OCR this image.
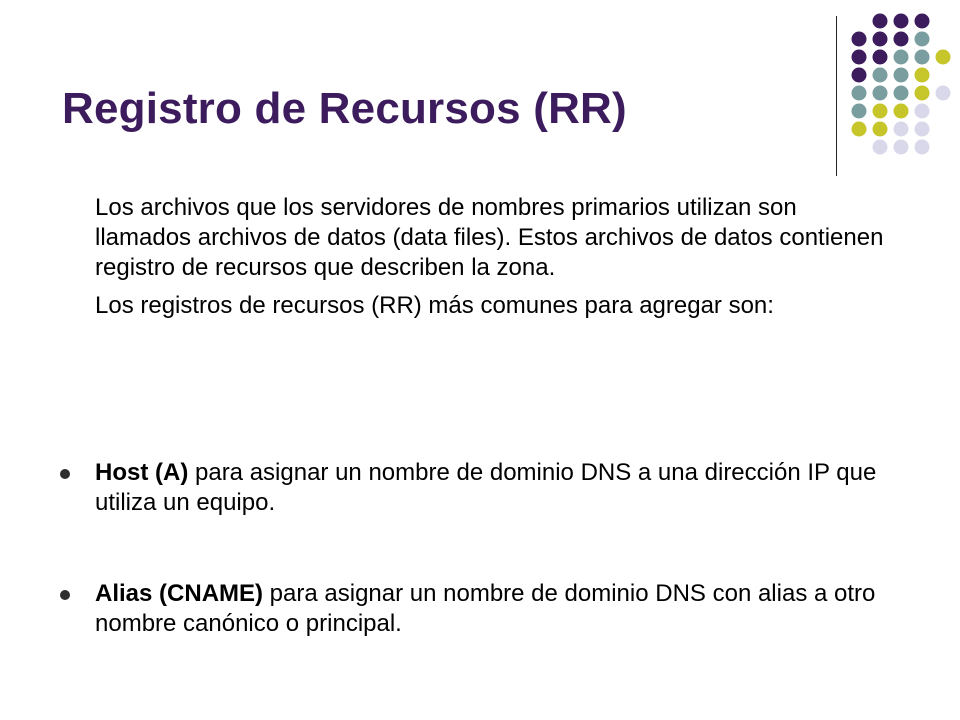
Registro de Recursos (RR)

Los archivos que los servidores de nombres primarios utilizan son llamados archivos de datos (data files). Estos archivos de datos contienen registro de recursos que describen la zona.

Los registros de recursos (RR) más comunes para agregar son:

Host (A) para asignar un nombre de dominio DNS a una dirección IP que utiliza un equipo.
Alias (CNAME) para asignar un nombre de dominio DNS con alias a otro nombre canónico o principal.
